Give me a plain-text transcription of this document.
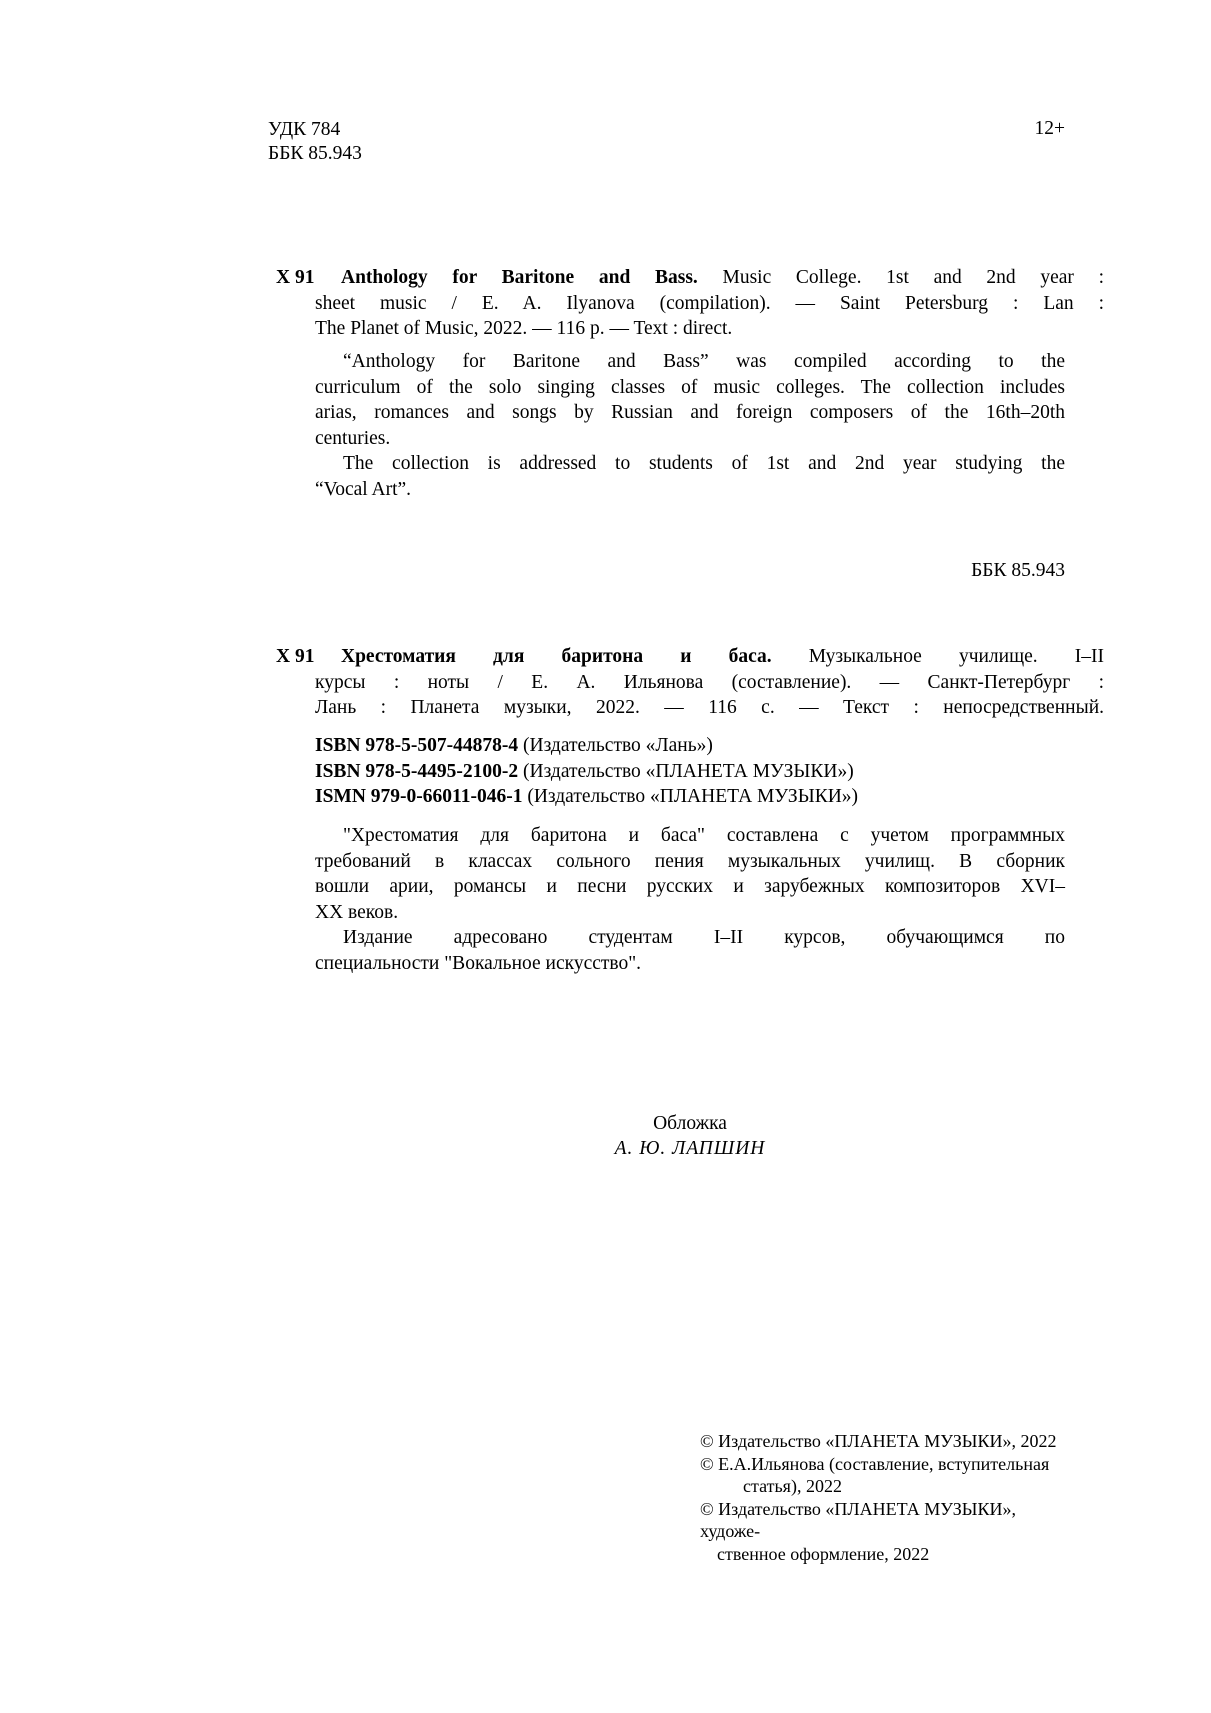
УДК 784
ББК 85.943
12+
X 91	Anthology for Baritone and Bass. Music College. 1st and 2nd year :
sheet music / E. A. Ilyanova (compilation). — Saint Petersburg : Lan :
The Planet of Music, 2022. — 116 p. — Text : direct.
“Anthology for Baritone and Bass” was compiled according to the
curriculum of the solo singing classes of music colleges. The collection includes
arias, romances and songs by Russian and foreign composers of the 16th–20th
centuries.
The collection is addressed to students of 1st and 2nd year studying the
“Vocal Art”.
ББК 85.943
X 91	Хрестоматия для баритона и баса. Музыкальное училище. I–II
курсы : ноты / Е. А. Ильянова (составление). — Санкт-Петербург :
Лань : Планета музыки, 2022. — 116 с. — Текст : непосредственный.
ISBN 978-5-507-44878-4 (Издательство «Лань»)
ISBN 978-5-4495-2100-2 (Издательство «ПЛАНЕТА МУЗЫКИ»)
ISMN 979-0-66011-046-1 (Издательство «ПЛАНЕТА МУЗЫКИ»)
"Хрестоматия для баритона и баса" составлена с учетом программных
требований в классах сольного пения музыкальных училищ. В сборник
вошли арии, романсы и песни русских и зарубежных композиторов XVI–
XX веков.
Издание адресовано студентам I–II курсов, обучающимся по
специальности "Вокальное искусство".
Обложка
А. Ю. ЛАПШИН
© Издательство «ПЛАНЕТА МУЗЫКИ», 2022
© Е.А.Ильянова (составление, вступительная
статья), 2022
© Издательство «ПЛАНЕТА МУЗЫКИ», художе-
ственное оформление, 2022
